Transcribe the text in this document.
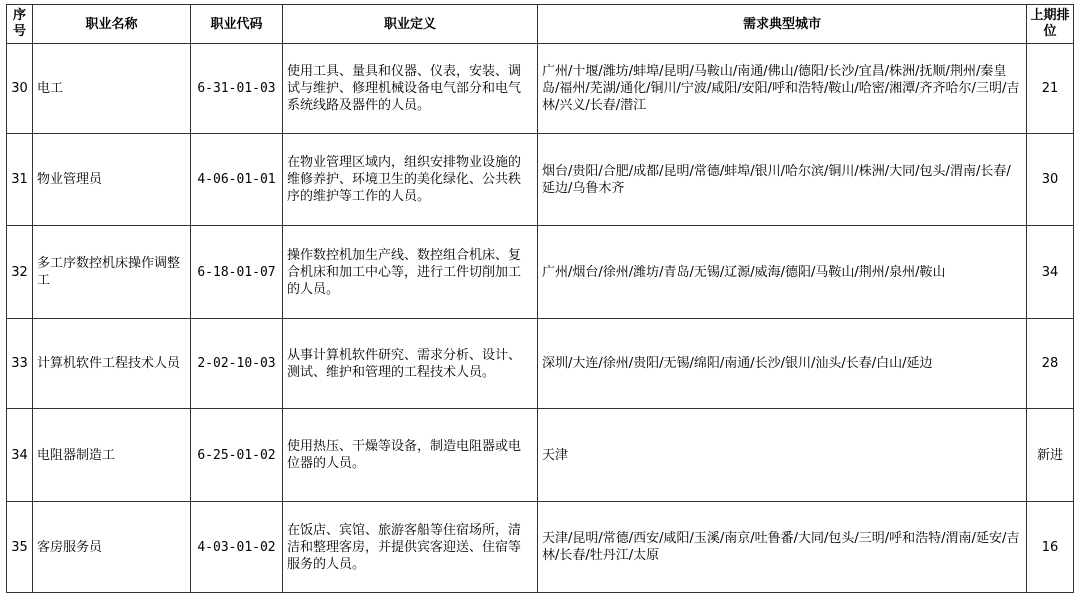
序号	职业名称	职业代码	职业定义	需求典型城市	上期排位
30	电工	6-31-01-03	使用工具、量具和仪器、仪表，安装、调试与维护、修理机械设备电气部分和电气系统线路及器件的人员。	广州/十堰/潍坊/蚌埠/昆明/马鞍山/南通/佛山/德阳/长沙/宜昌/株洲/抚顺/荆州/秦皇岛/福州/芜湖/通化/铜川/宁波/咸阳/安阳/呼和浩特/鞍山/哈密/湘潭/齐齐哈尔/三明/吉林/兴义/长春/潜江	21
31	物业管理员	4-06-01-01	在物业管理区域内，组织安排物业设施的维修养护、环境卫生的美化绿化、公共秩序的维护等工作的人员。	烟台/贵阳/合肥/成都/昆明/常德/蚌埠/银川/哈尔滨/铜川/株洲/大同/包头/渭南/长春/延边/乌鲁木齐	30
32	多工序数控机床操作调整工	6-18-01-07	操作数控机加生产线、数控组合机床、复合机床和加工中心等，进行工件切削加工的人员。	广州/烟台/徐州/潍坊/青岛/无锡/辽源/威海/德阳/马鞍山/荆州/泉州/鞍山	34
33	计算机软件工程技术人员	2-02-10-03	从事计算机软件研究、需求分析、设计、测试、维护和管理的工程技术人员。	深圳/大连/徐州/贵阳/无锡/绵阳/南通/长沙/银川/汕头/长春/白山/延边	28
34	电阻器制造工	6-25-01-02	使用热压、干燥等设备，制造电阻器或电位器的人员。	天津	新进
35	客房服务员	4-03-01-02	在饭店、宾馆、旅游客船等住宿场所，清洁和整理客房，并提供宾客迎送、住宿等服务的人员。	天津/昆明/常德/西安/咸阳/玉溪/南京/吐鲁番/大同/包头/三明/呼和浩特/渭南/延安/吉林/长春/牡丹江/太原	16
